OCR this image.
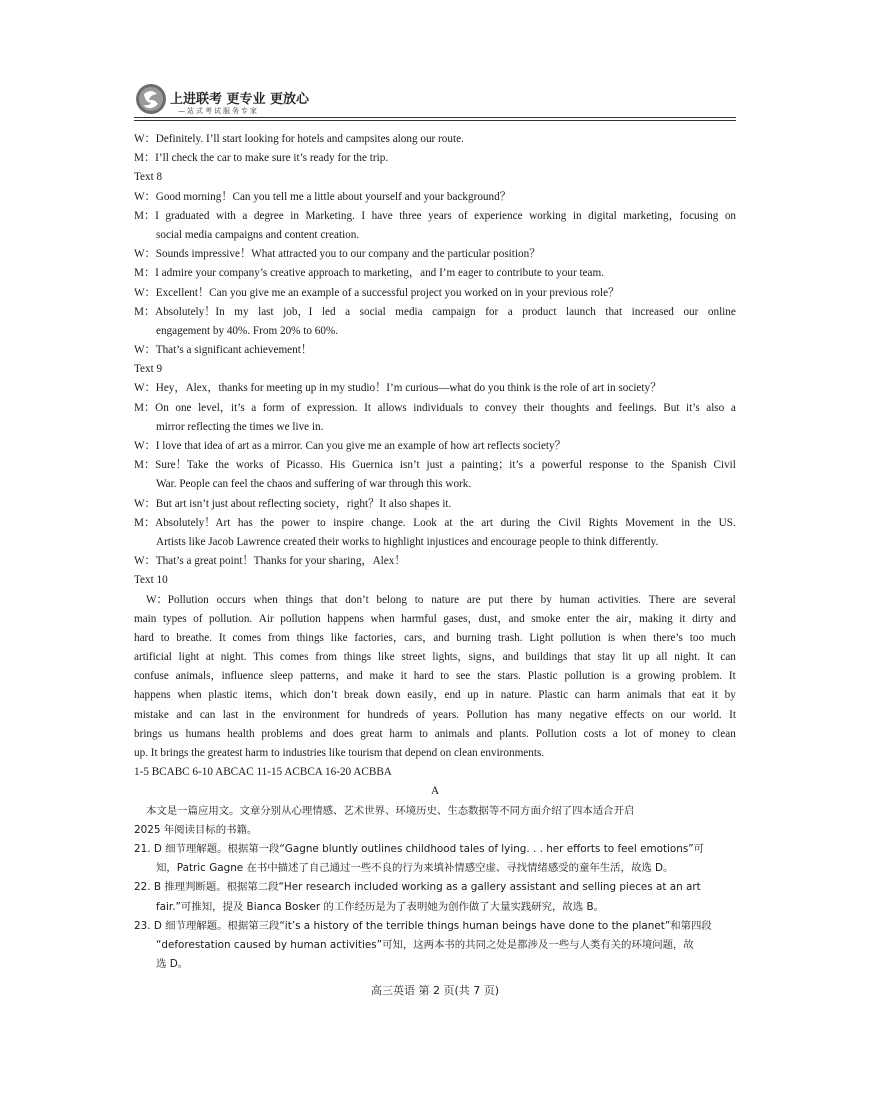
上进联考 更专业 更放心
—站式考试服务专家
W：Definitely. I’ll start looking for hotels and campsites along our route.
M：I’ll check the car to make sure it’s ready for the trip.
Text 8
W：Good morning！Can you tell me a little about yourself and your background？
M：I graduated with a degree in Marketing. I have three years of experience working in digital marketing，focusing on
social media campaigns and content creation.
W：Sounds impressive！What attracted you to our company and the particular position？
M：I admire your company’s creative approach to marketing，and I’m eager to contribute to your team.
W：Excellent！Can you give me an example of a successful project you worked on in your previous role？
M：Absolutely！In my last job，I led a social media campaign for a product launch that increased our online
engagement by 40%. From 20% to 60%.
W：That’s a significant achievement！
Text 9
W：Hey，Alex，thanks for meeting up in my studio！I’m curious—what do you think is the role of art in society？
M：On one level，it’s a form of expression. It allows individuals to convey their thoughts and feelings. But it’s also a
mirror reflecting the times we live in.
W：I love that idea of art as a mirror. Can you give me an example of how art reflects society？
M：Sure！Take the works of Picasso. His Guernica isn’t just a painting；it’s a powerful response to the Spanish Civil
War. People can feel the chaos and suffering of war through this work.
W：But art isn’t just about reflecting society，right？It also shapes it.
M：Absolutely！Art has the power to inspire change. Look at the art during the Civil Rights Movement in the US.
Artists like Jacob Lawrence created their works to highlight injustices and encourage people to think differently.
W：That’s a great point！Thanks for your sharing，Alex！
Text 10
W：Pollution occurs when things that don’t belong to nature are put there by human activities. There are several
main types of pollution. Air pollution happens when harmful gases，dust，and smoke enter the air，making it dirty and
hard to breathe. It comes from things like factories，cars，and burning trash. Light pollution is when there’s too much
artificial light at night. This comes from things like street lights，signs，and buildings that stay lit up all night. It can
confuse animals，influence sleep patterns，and make it hard to see the stars. Plastic pollution is a growing problem. It
happens when plastic items，which don’t break down easily，end up in nature. Plastic can harm animals that eat it by
mistake and can last in the environment for hundreds of years. Pollution has many negative effects on our world. It
brings us humans health problems and does great harm to animals and plants. Pollution costs a lot of money to clean
up. It brings the greatest harm to industries like tourism that depend on clean environments.
1-5 BCABC 6-10 ABCAC 11-15 ACBCA 16-20 ACBBA
A
本文是一篇应用文。文章分别从心理情感、艺术世界、环境历史、生态数据等不同方面介绍了四本适合开启
2025 年阅读目标的书籍。
21. D 细节理解题。根据第一段“Gagne bluntly outlines childhood tales of lying. . . her efforts to feel emotions”可
知，Patric Gagne 在书中描述了自己通过一些不良的行为来填补情感空虚、寻找情绪感受的童年生活，故选 D。
22. B 推理判断题。根据第二段“Her research included working as a gallery assistant and selling pieces at an art
fair.”可推知，提及 Bianca Bosker 的工作经历是为了表明她为创作做了大量实践研究，故选 B。
23. D 细节理解题。根据第三段“it’s a history of the terrible things human beings have done to the planet”和第四段
“deforestation caused by human activities”可知，这两本书的共同之处是都涉及一些与人类有关的环境问题，故
选 D。
高三英语 第 2 页(共 7 页)
